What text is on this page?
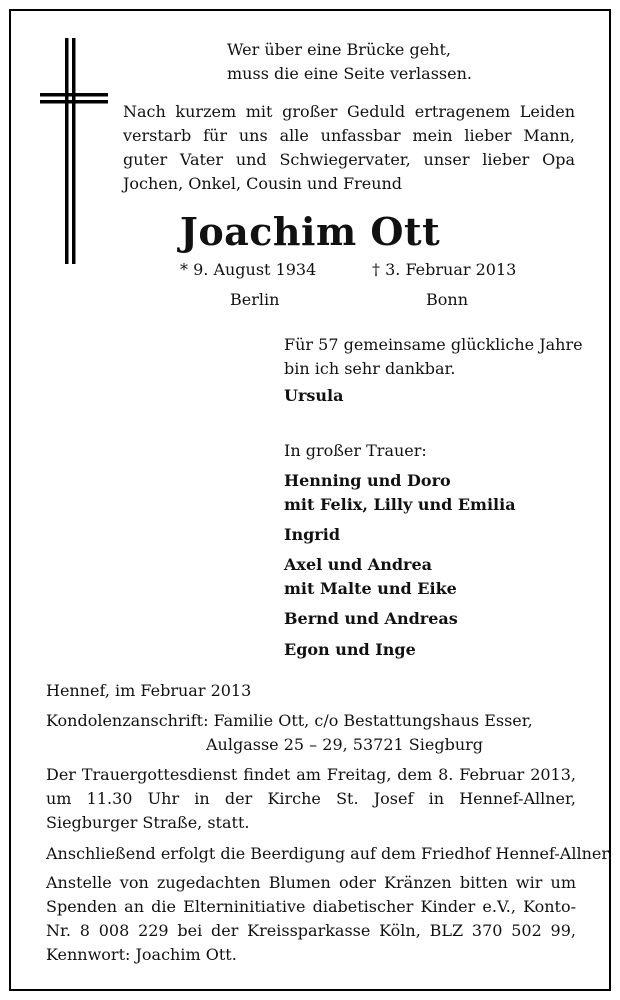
Wer über eine Brücke geht,
muss die eine Seite verlassen.
Nach kurzem mit großer Geduld ertragenem Leiden verstarb für uns alle unfassbar mein lieber Mann, guter Vater und Schwiegervater, unser lieber Opa Jochen, Onkel, Cousin und Freund
Joachim Ott
* 9. August 1934	† 3. Februar 2013
Berlin	Bonn
Für 57 gemeinsame glückliche Jahre
bin ich sehr dankbar.
Ursula
In großer Trauer:
Henning und Doro
mit Felix, Lilly und Emilia
Ingrid
Axel und Andrea
mit Malte und Eike
Bernd und Andreas
Egon und Inge
Hennef, im Februar 2013
Kondolenzanschrift: Familie Ott, c/o Bestattungshaus Esser,
Aulgasse 25 – 29, 53721 Siegburg
Der Trauergottesdienst findet am Freitag, dem 8. Februar 2013, um 11.30 Uhr in der Kirche St. Josef in Hennef-Allner, Siegburger Straße, statt.
Anschließend erfolgt die Beerdigung auf dem Friedhof Hennef-Allner.
Anstelle von zugedachten Blumen oder Kränzen bitten wir um Spenden an die Elterninitiative diabetischer Kinder e.V., Konto-Nr. 8 008 229 bei der Kreissparkasse Köln, BLZ 370 502 99, Kennwort: Joachim Ott.
